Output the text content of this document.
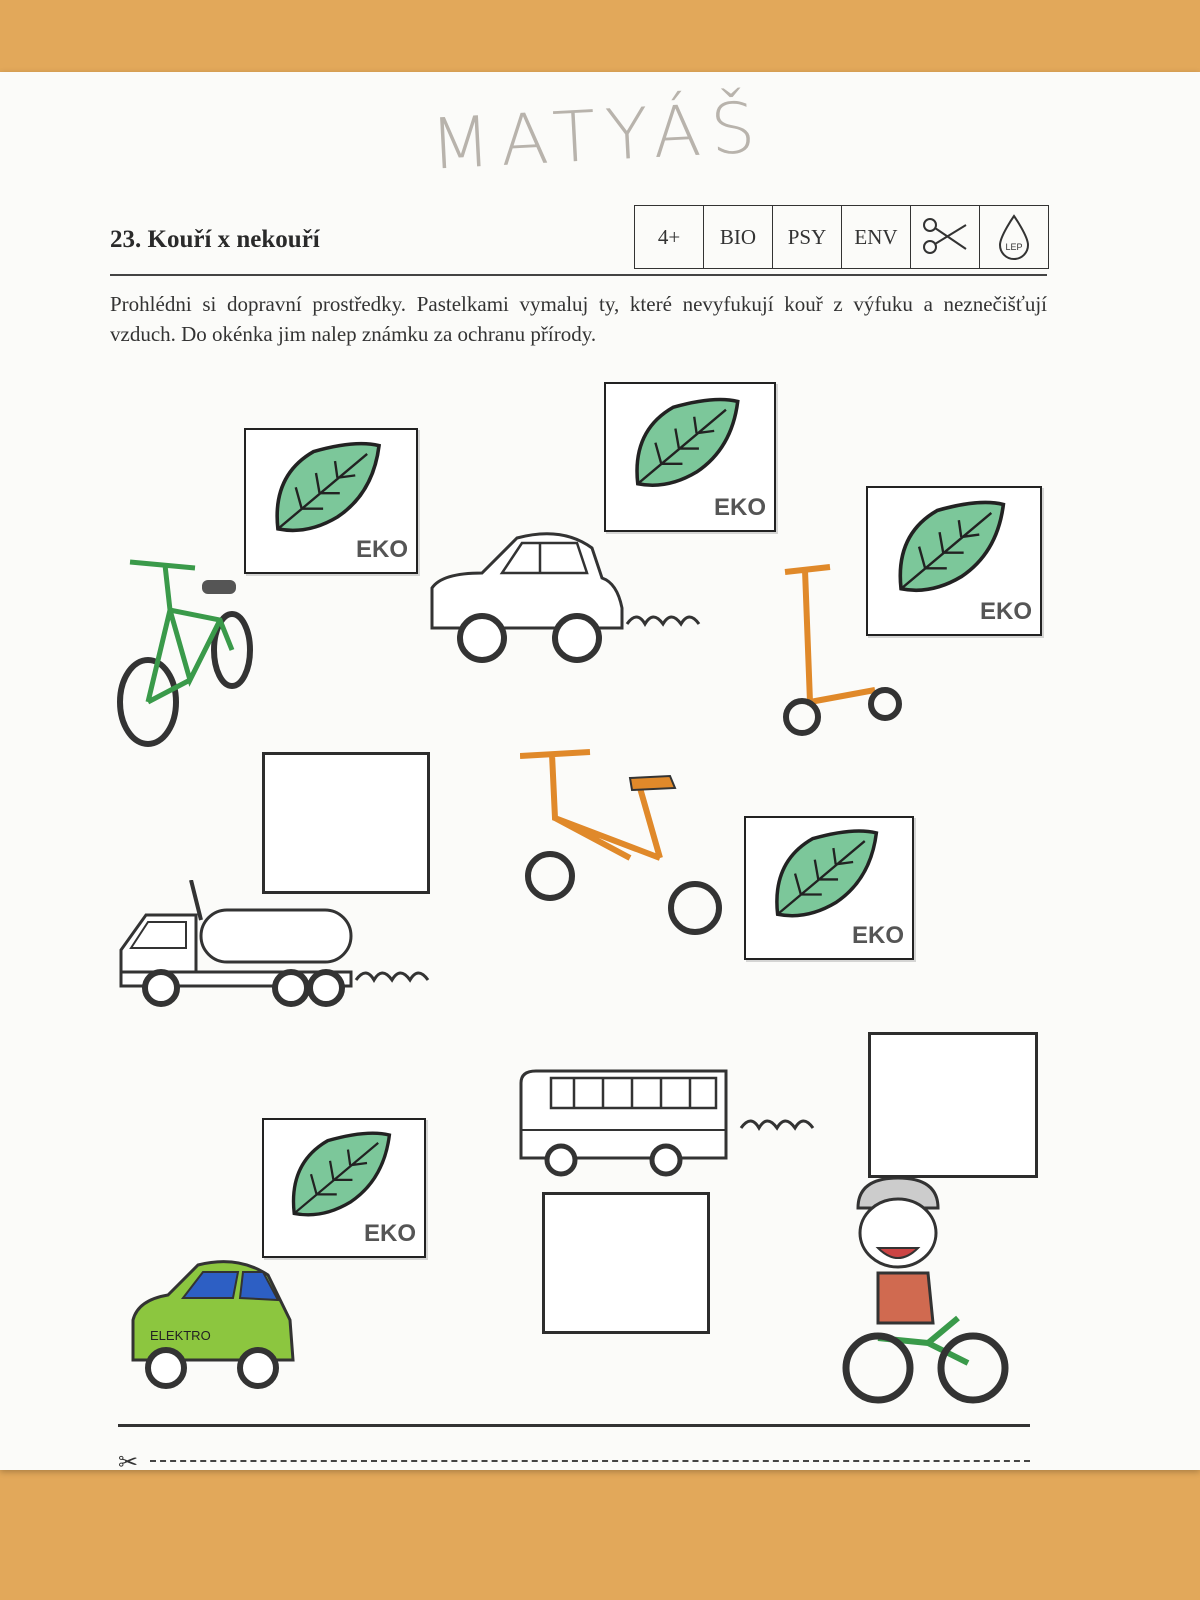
MATYÁŠ
23. Kouří x nekouří	4+	BIO	PSY	ENV	LEP
Prohlédni si dopravní prostředky. Pastelkami vymaluj ty, které nevyfukují kouř z výfuku a neznečišťují vzduch. Do okénka jim nalep známku za ochranu přírody.
EKO
EKO
EKO
EKO
EKO
ELEKTRO
✂
